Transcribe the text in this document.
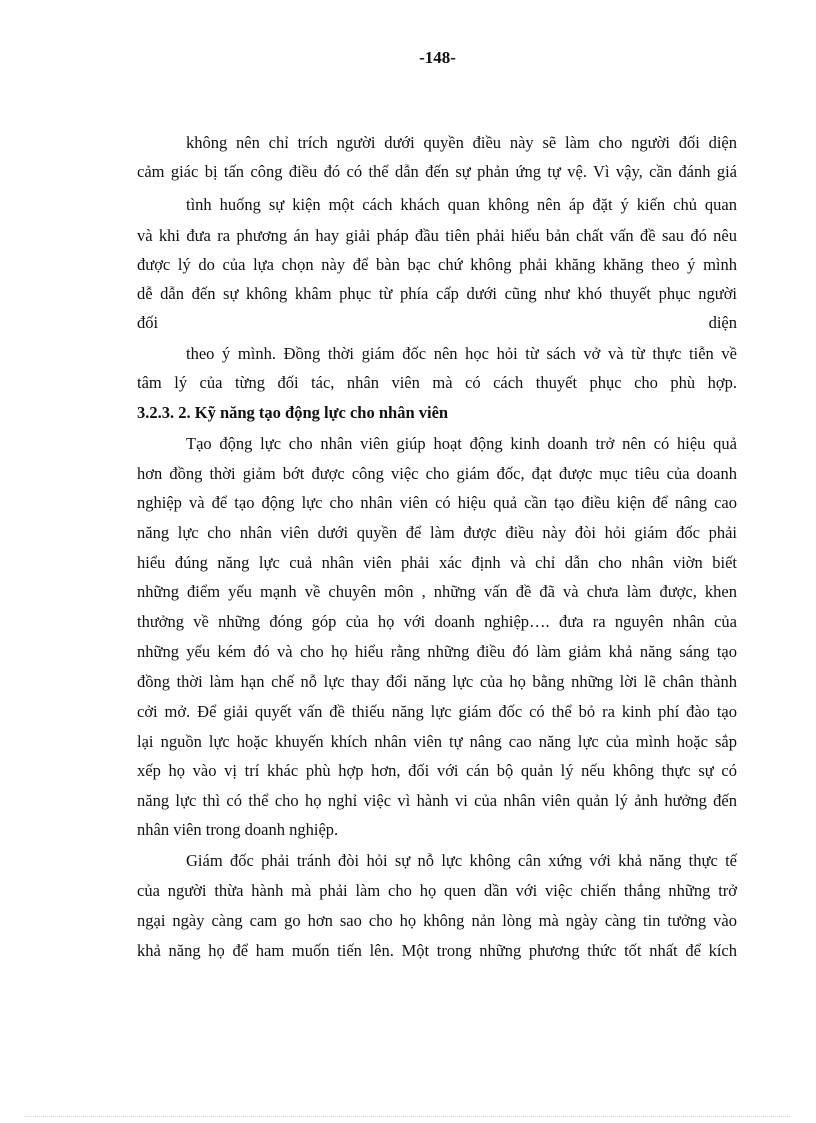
-148-
không nên chỉ trích người dưới quyền điều này sẽ làm cho người đối diện
cảm giác bị tấn công điều đó có thể dẫn đến sự phản ứng tự vệ. Vì vậy, cần đánh giá
tình huống sự kiện một cách khách quan không nên áp đặt ý kiến chủ quan
và khi đưa ra phương án hay giải pháp đầu tiên phải hiểu bản chất vấn đề sau đó nêu
được lý do của lựa chọn này để bàn bạc chứ không phải khăng khăng theo ý mình
dễ dẫn đến sự không khâm phục từ phía cấp dưới cũng như khó thuyết phục người
đối diện
theo ý mình. Đồng thời giám đốc nên học hỏi từ sách vở và từ thực tiễn về
tâm lý của từng đối tác, nhân viên mà có cách thuyết phục cho phù hợp.
3.2.3. 2. Kỹ năng tạo động lực cho nhân viên
Tạo động lực cho nhân viên giúp hoạt động kinh doanh trở nên có hiệu quả
hơn đồng thời giảm bớt được công việc cho giám đốc, đạt được mục tiêu của doanh
nghiệp và để tạo động lực cho nhân viên có hiệu quả cần tạo điều kiện để nâng cao
năng lực cho nhân viên dưới quyền để làm được điều này đòi hỏi giám đốc phải
hiểu đúng năng lực cuả nhân viên phải xác định và chỉ dẫn cho nhân viờn biết
những điểm yếu mạnh về chuyên môn , những vấn đề đã và chưa làm được, khen
thưởng về những đóng góp của họ với doanh nghiệp…. đưa ra nguyên nhân của
những yếu kém đó và cho họ hiểu rằng những điều đó làm giảm khả năng sáng tạo
đồng thời làm hạn chế nỗ lực thay đổi năng lực của họ bằng những lời lẽ chân thành
cởi mở. Để giải quyết vấn đề thiếu năng lực giám đốc có thể bỏ ra kinh phí đào tạo
lại nguồn lực hoặc khuyến khích nhân viên tự nâng cao năng lực của mình hoặc sắp
xếp họ vào vị trí khác phù hợp hơn, đối với cán bộ quản lý nếu không thực sự có
năng lực thì có thể cho họ nghỉ việc vì hành vi của nhân viên quản lý ảnh hưởng đến
nhân viên trong doanh nghiệp.
Giám đốc phải tránh đòi hỏi sự nỗ lực không cân xứng với khả năng thực tế
của người thừa hành mà phải làm cho họ quen dần với việc chiến thắng những trở
ngại ngày càng cam go hơn sao cho họ không nản lòng mà ngày càng tin tưởng vào
khả năng họ để ham muốn tiến lên. Một trong những phương thức tốt nhất để kích
